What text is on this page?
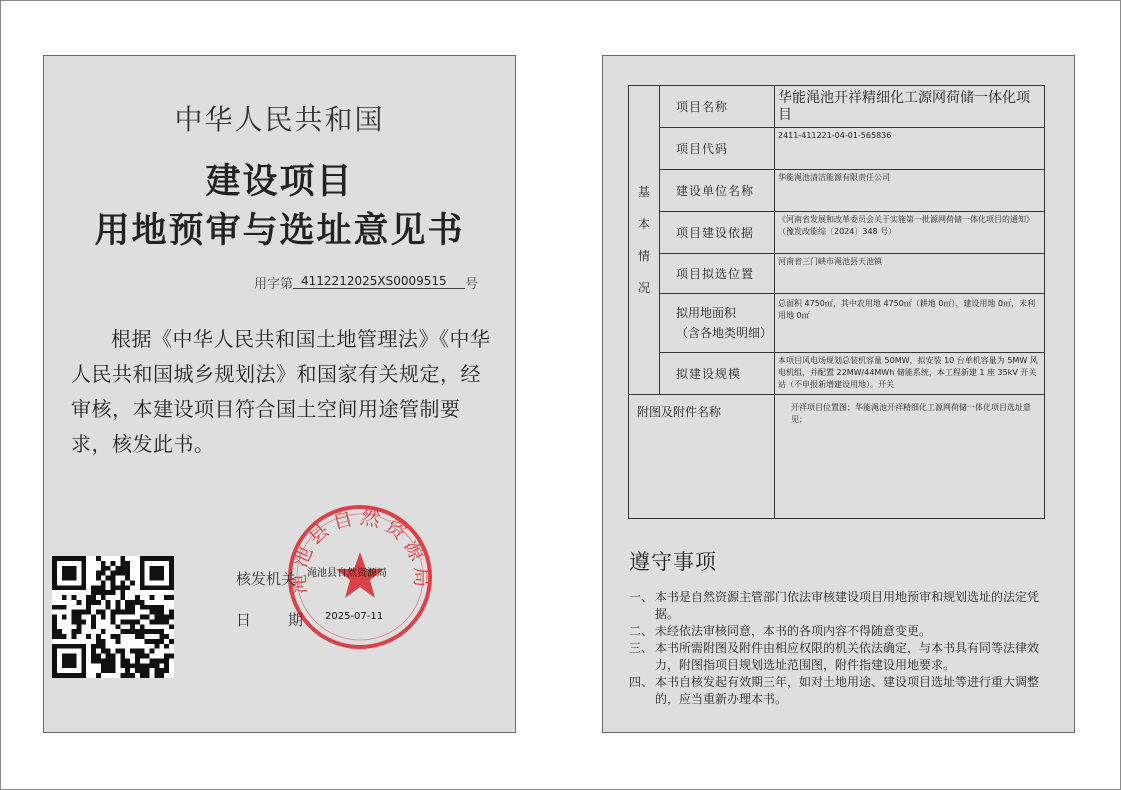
中华人民共和国
建设项目
用地预审与选址意见书
用字第 4112212025XS0009515 号
根据《中华人民共和国土地管理法》《中华人民共和国城乡规划法》和国家有关规定，经审核，本建设项目符合国土空间用途管制要求，核发此书。
渑池县自然资源局
核发机关 渑池县自然资源局
日期
2025-07-11
基
本
情
况	项目名称	华能渑池开祥精细化工源网荷储一体化项目
	项目代码	2411-411221-04-01-565836
	建设单位名称	华能渑池清洁能源有限责任公司
	项目建设依据	《河南省发展和改革委员会关于实施第一批源网荷储一体化项目的通知》（豫发改能综〔2024〕348 号）
	项目拟选位置	河南省三门峡市渑池县天池镇

	拟用地面积
（含各地类明细）	总面积 4750㎡，其中农用地 4750㎡（耕地 0㎡），建设用地 0㎡，未利用地 0㎡
	拟建设规模	本项目风电场规划总装机容量 50MW，拟安装 10 台单机容量为 5MW 风电机组，并配置 22MW/44MWh 储能系统，本工程新建 1 座 35kV 开关站（不申报新增建设用地）。开关
附图及附件名称		开祥项目位置图；华能渑池开祥精细化工源网荷储一体化项目选址意见；
遵守事项
一、 本书是自然资源主管部门依法审核建设项目用地预审和规划选址的法定凭据。
二、 未经依法审核同意，本书的各项内容不得随意变更。
三、 本书所需附图及附件由相应权限的机关依法确定，与本书具有同等法律效力，附图指项目规划选址范围图，附件指建设用地要求。
四、 本书自核发起有效期三年，如对土地用途、建设项目选址等进行重大调整的，应当重新办理本书。
